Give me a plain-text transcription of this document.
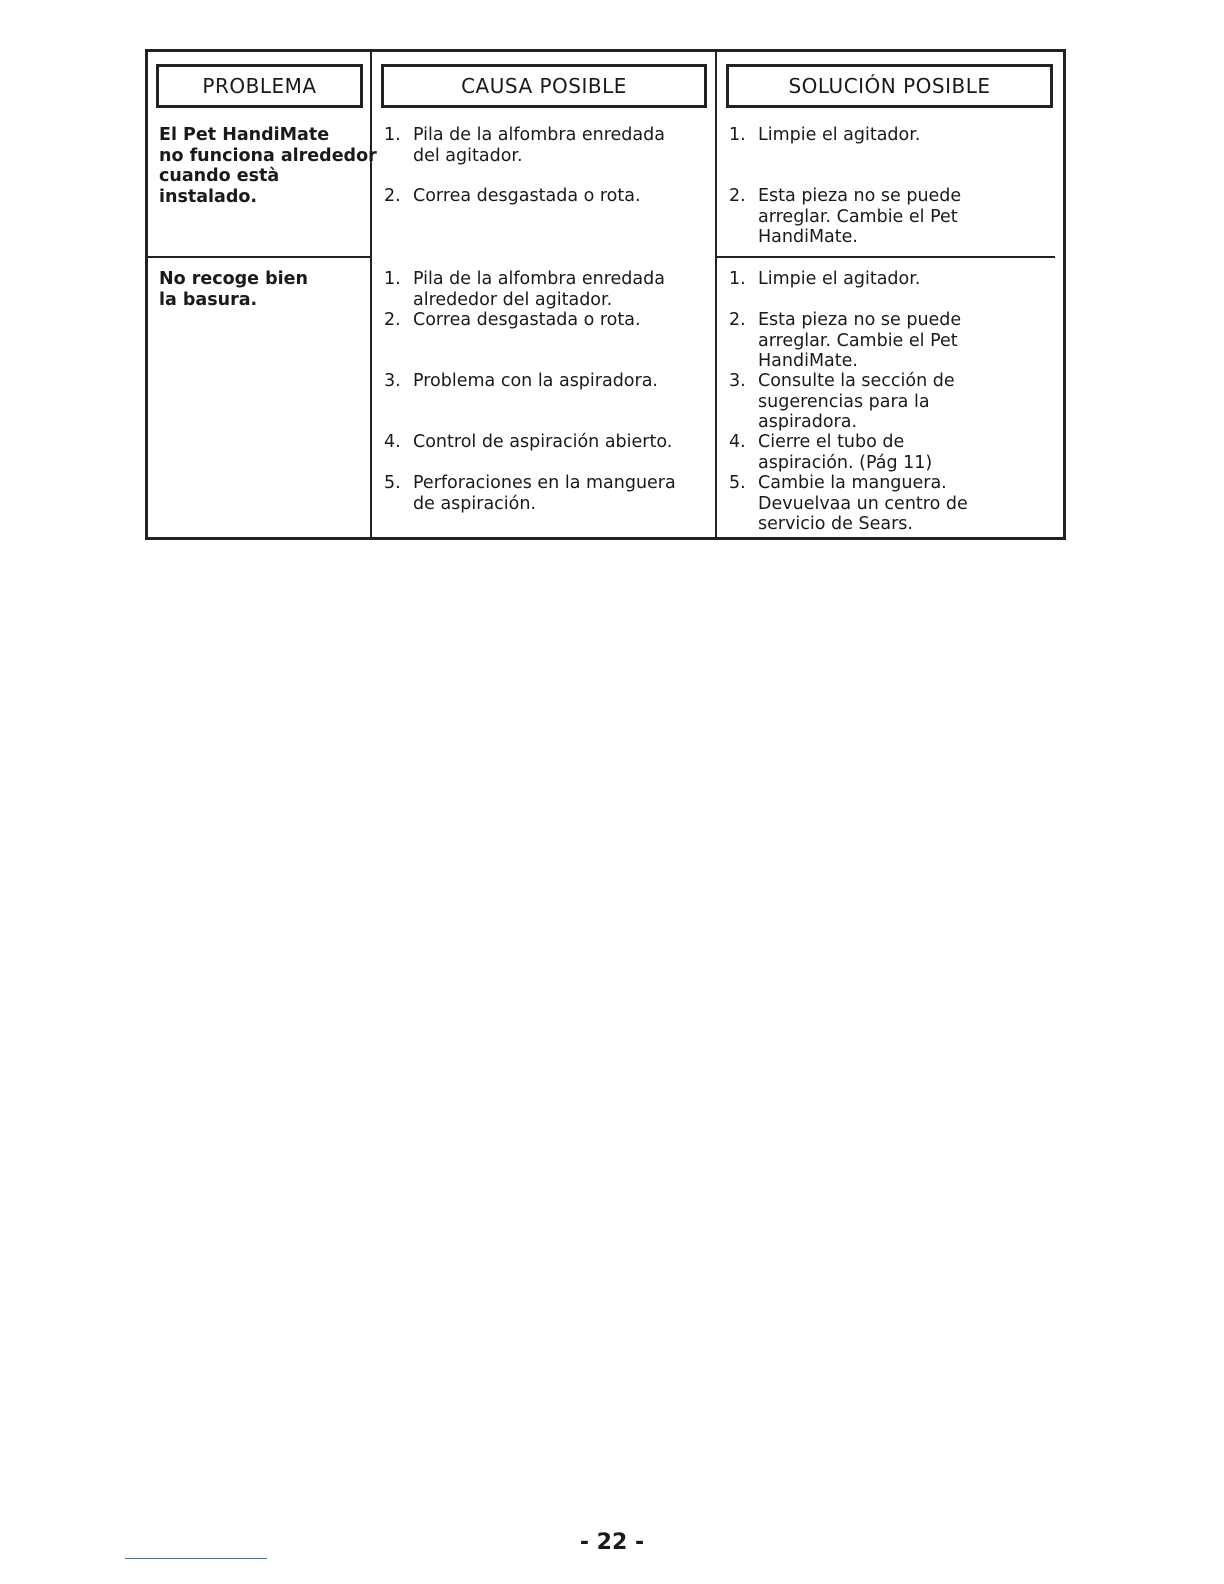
PROBLEMA	CAUSA POSIBLE	SOLUCIÓN POSIBLE
El Pet HandiMate
no funciona alrededor
cuando està
instalado.
1. Pila de la alfombra enredada
del agitador.
2. Correa desgastada o rota.
1. Limpie el agitador.
2. Esta pieza no se puede
arreglar. Cambie el Pet
HandiMate.
No recoge bien
la basura.
1. Pila de la alfombra enredada
alrededor del agitador.
2. Correa desgastada o rota.
3. Problema con la aspiradora.
4. Control de aspiración abierto.
5. Perforaciones en la manguera
de aspiración.
1. Limpie el agitador.
2. Esta pieza no se puede
arreglar. Cambie el Pet
HandiMate.
3. Consulte la sección de
sugerencias para la
aspiradora.
4. Cierre el tubo de
aspiración. (Pág 11)
5. Cambie la manguera.
Devuelvaa un centro de
servicio de Sears.
- 22 -
